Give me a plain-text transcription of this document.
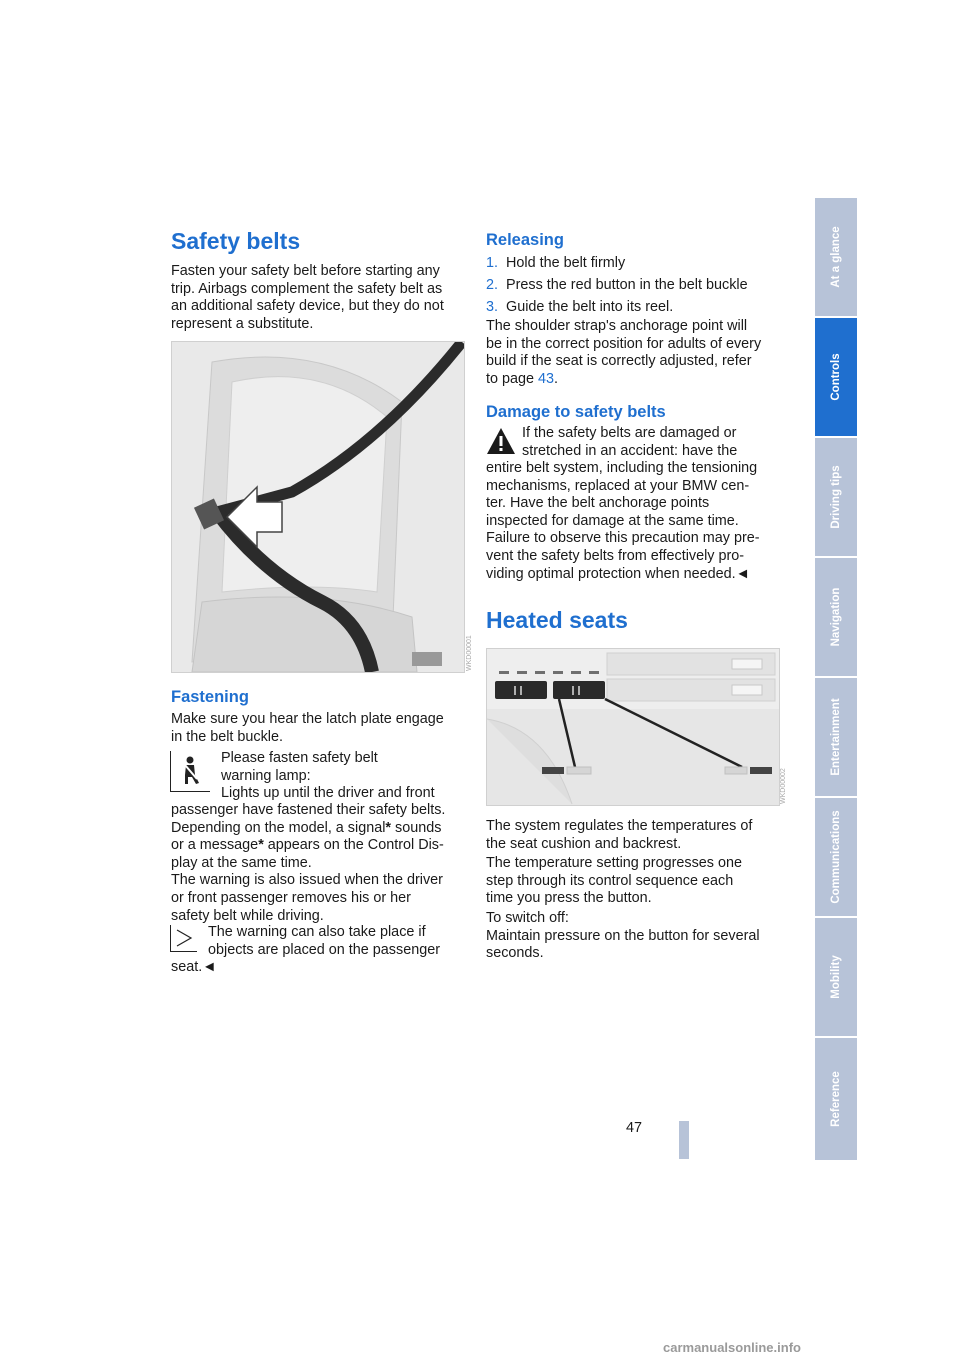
Safety belts
Fasten your safety belt before starting any
trip. Airbags complement the safety belt as
an additional safety device, but they do not
represent a substitute.
WKD00001
Fastening
Make sure you hear the latch plate engage
in the belt buckle.
Please fasten safety belt
warning lamp:
Lights up until the driver and front
passenger have fastened their safety belts.
Depending on the model, a signal* sounds
or a message* appears on the Control Dis-
play at the same time.
The warning is also issued when the driver
or front passenger removes his or her
safety belt while driving.
The warning can also take place if
objects are placed on the passenger
seat.◄
Releasing
1. Hold the belt firmly
2. Press the red button in the belt buckle
3. Guide the belt into its reel.
The shoulder strap's anchorage point will
be in the correct position for adults of every
build if the seat is correctly adjusted, refer
to page 43.
Damage to safety belts
If the safety belts are damaged or
stretched in an accident: have the
entire belt system, including the tensioning
mechanisms, replaced at your BMW cen-
ter. Have the belt anchorage points
inspected for damage at the same time.
Failure to observe this precaution may pre-
vent the safety belts from effectively pro-
viding optimal protection when needed.◄
Heated seats
WKD00002
The system regulates the temperatures of
the seat cushion and backrest.
The temperature setting progresses one
step through its control sequence each
time you press the button.
To switch off:
Maintain pressure on the button for several
seconds.
At a glance
Controls
Driving tips
Navigation
Entertainment
Communications
Mobility
Reference
47
carmanualsonline.info
